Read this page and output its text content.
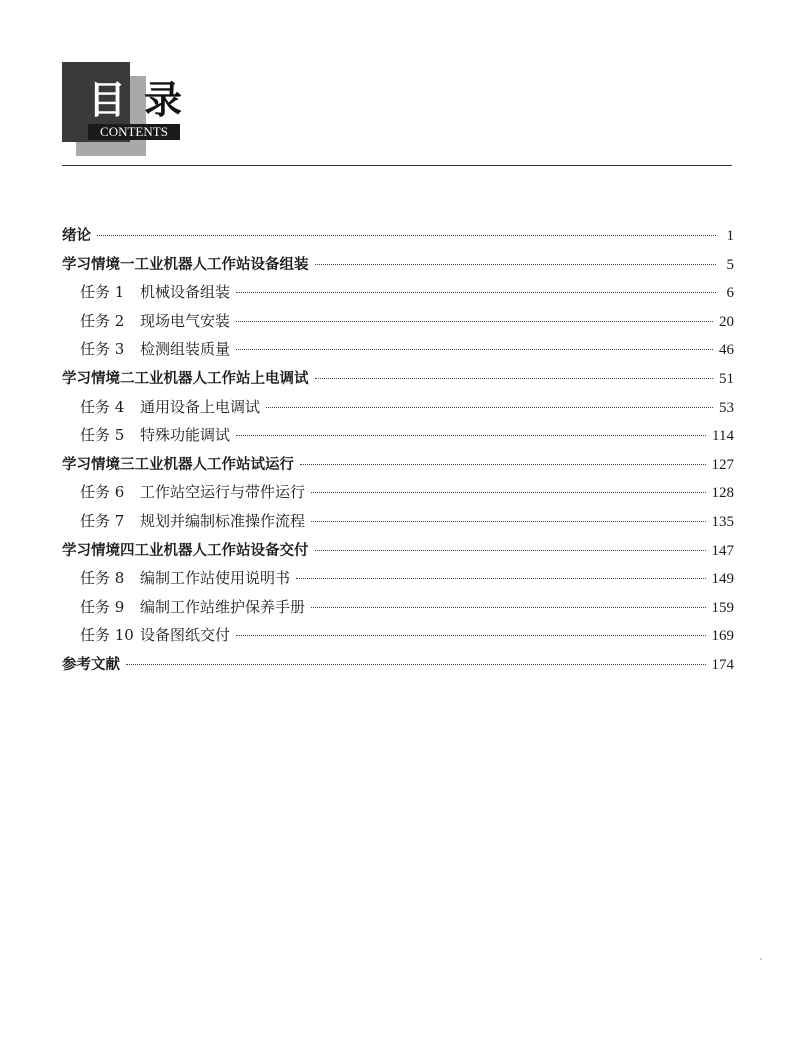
目 录
CONTENTS
绪论	1
学习情境一 工业机器人工作站设备组装	5
任务 1	机械设备组装	6
任务 2	现场电气安装	20
任务 3	检测组装质量	46
学习情境二 工业机器人工作站上电调试	51
任务 4	通用设备上电调试	53
任务 5	特殊功能调试	114
学习情境三 工业机器人工作站试运行	127
任务 6	工作站空运行与带件运行	128
任务 7	规划并编制标准操作流程	135
学习情境四 工业机器人工作站设备交付	147
任务 8	编制工作站使用说明书	149
任务 9	编制工作站维护保养手册	159
任务 10 设备图纸交付	169
参考文献	174
